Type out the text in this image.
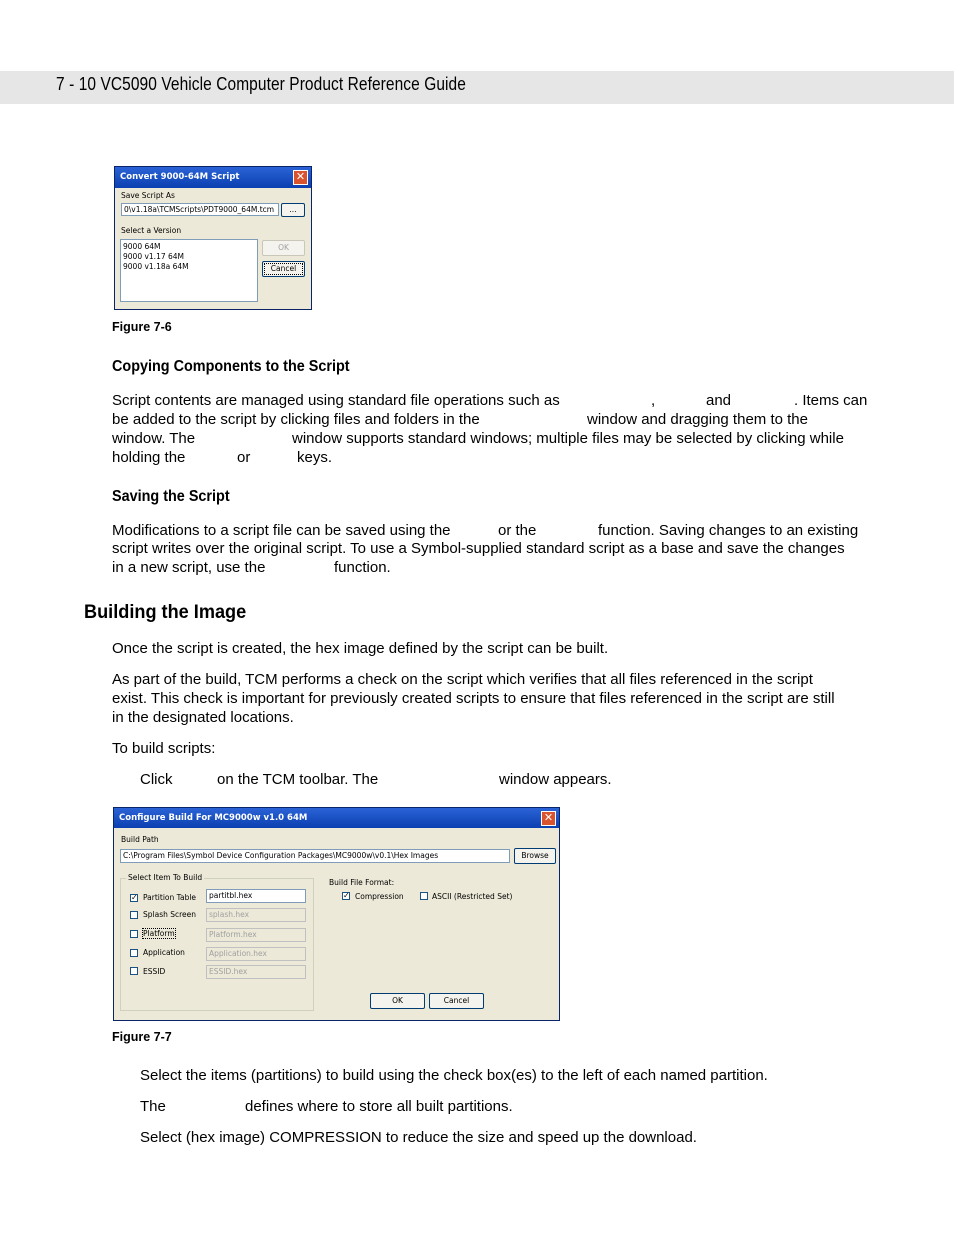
7 - 10 VC5090 Vehicle Computer Product Reference Guide
Convert 9000-64M Script	✕
Save Script As
0\v1.18a\TCMScripts\PDT9000_64M.tcm	...
Select a Version
9000 64M
9000 v1.17 64M
9000 v1.18a 64M
OK
Cancel
Figure 7-6
Copying Components to the Script
Script contents are managed using standard file operations such as	,	and	. Items can
be added to the script by clicking files and folders in the	window and dragging them to the
window. The	window supports standard windows; multiple files may be selected by clicking while
holding the	or	keys.
Saving the Script
Modifications to a script file can be saved using the	or the	function. Saving changes to an existing
script writes over the original script. To use a Symbol-supplied standard script as a base and save the changes
in a new script, use the	function.
Building the Image
Once the script is created, the hex image defined by the script can be built.
As part of the build, TCM performs a check on the script which verifies that all files referenced in the script
exist. This check is important for previously created scripts to ensure that files referenced in the script are still
in the designated locations.
To build scripts:
Click	on the TCM toolbar. The	window appears.
Configure Build For MC9000w v1.0 64M	✕
Build Path
C:\Program Files\Symbol Device Configuration Packages\MC9000w\v0.1\Hex Images	Browse
Select Item To Build
✓ Partition Table	partitbl.hex
Splash Screen	splash.hex
Platform	Platform.hex
Application	Application.hex
ESSID	ESSID.hex
Build File Format:
✓ Compression	ASCII (Restricted Set)
OK	Cancel
Figure 7-7
Select the items (partitions) to build using the check box(es) to the left of each named partition.
The	defines where to store all built partitions.
Select (hex image) COMPRESSION to reduce the size and speed up the download.
